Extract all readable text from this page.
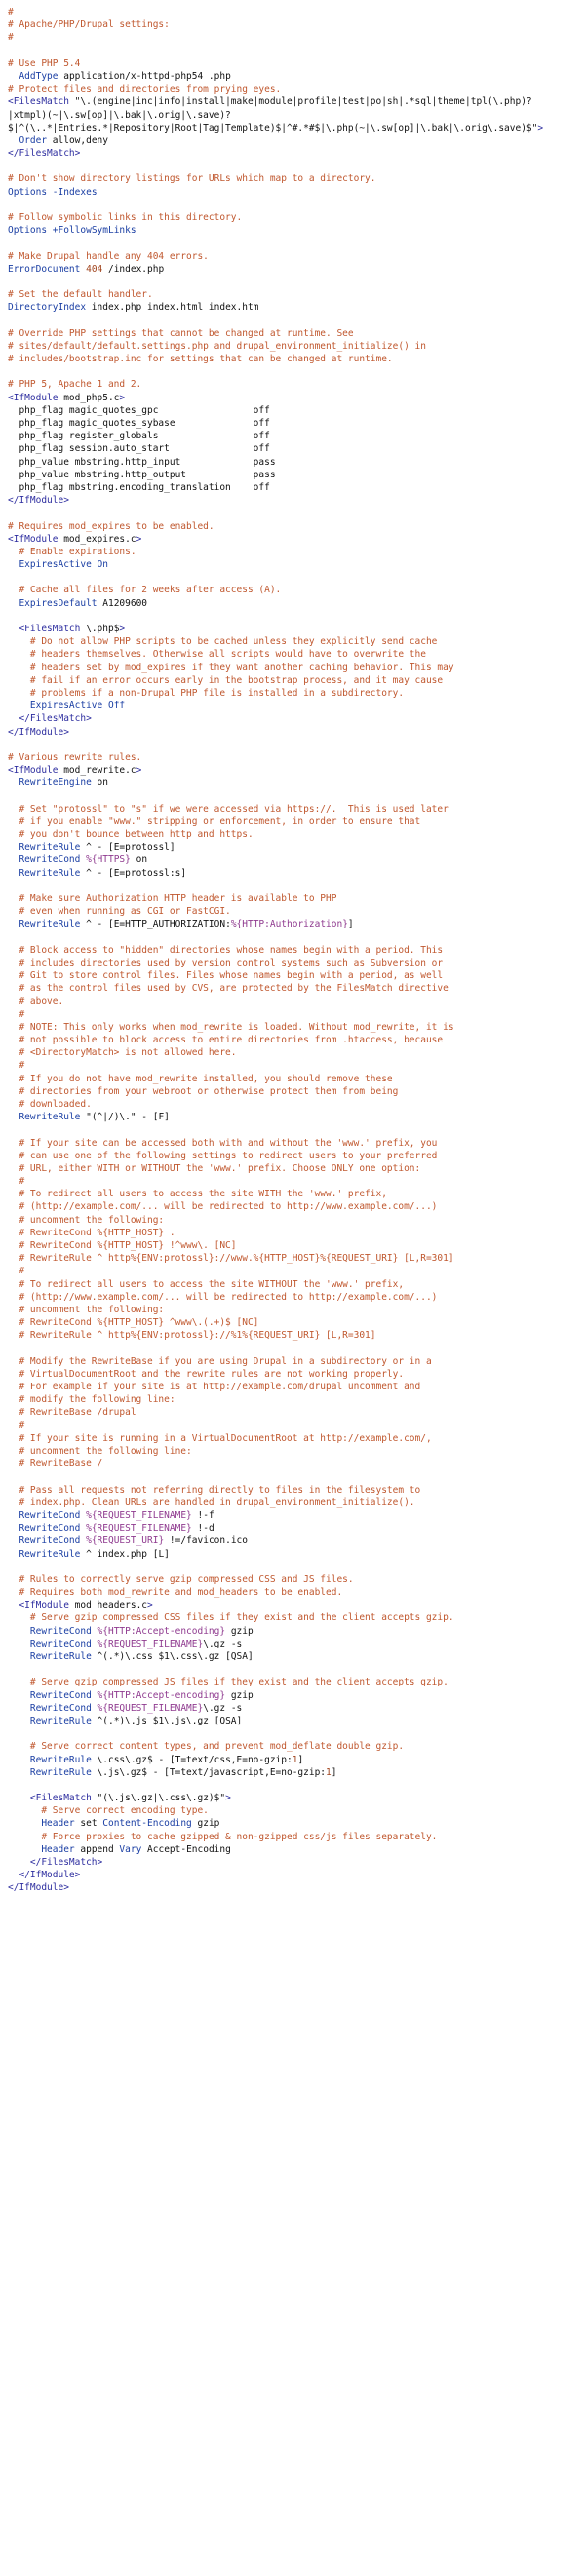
#
# Apache/PHP/Drupal settings:
#

# Use PHP 5.4
AddType application/x-httpd-php54 .php
# Protect files and directories from prying eyes.
<FilesMatch "\.(engine|inc|info|install|make|module|profile|test|po|sh|.*sql|theme|tpl(\.php)?
|xtmpl)(~|\.sw[op]|\.bak|\.orig|\.save)?
$|^(\..*|Entries.*|Repository|Root|Tag|Template)$|^#.*#$|\.php(~|\.sw[op]|\.bak|\.orig\.save)$">
Order allow,deny
</FilesMatch>

# Don't show directory listings for URLs which map to a directory.
Options -Indexes

# Follow symbolic links in this directory.
Options +FollowSymLinks

# Make Drupal handle any 404 errors.
ErrorDocument 404 /index.php

# Set the default handler.
DirectoryIndex index.php index.html index.htm

# Override PHP settings that cannot be changed at runtime. See
# sites/default/default.settings.php and drupal_environment_initialize() in
# includes/bootstrap.inc for settings that can be changed at runtime.

# PHP 5, Apache 1 and 2.
<IfModule mod_php5.c>
php_flag magic_quotes_gpc                 off
php_flag magic_quotes_sybase              off
php_flag register_globals                 off
php_flag session.auto_start               off
php_value mbstring.http_input             pass
php_value mbstring.http_output            pass
php_flag mbstring.encoding_translation    off
</IfModule>

# Requires mod_expires to be enabled.
<IfModule mod_expires.c>
# Enable expirations.
ExpiresActive On

# Cache all files for 2 weeks after access (A).
ExpiresDefault A1209600

<FilesMatch \.php$>
# Do not allow PHP scripts to be cached unless they explicitly send cache
# headers themselves. Otherwise all scripts would have to overwrite the
# headers set by mod_expires if they want another caching behavior. This may
# fail if an error occurs early in the bootstrap process, and it may cause
# problems if a non-Drupal PHP file is installed in a subdirectory.
ExpiresActive Off
</FilesMatch>
</IfModule>

# Various rewrite rules.
<IfModule mod_rewrite.c>
RewriteEngine on

# Set "protossl" to "s" if we were accessed via https://.  This is used later
# if you enable "www." stripping or enforcement, in order to ensure that
# you don't bounce between http and https.
RewriteRule ^ - [E=protossl]
RewriteCond %{HTTPS} on
RewriteRule ^ - [E=protossl:s]

# Make sure Authorization HTTP header is available to PHP
# even when running as CGI or FastCGI.
RewriteRule ^ - [E=HTTP_AUTHORIZATION:%{HTTP:Authorization}]

# Block access to "hidden" directories whose names begin with a period. This
# includes directories used by version control systems such as Subversion or
# Git to store control files. Files whose names begin with a period, as well
# as the control files used by CVS, are protected by the FilesMatch directive
# above.
#
# NOTE: This only works when mod_rewrite is loaded. Without mod_rewrite, it is
# not possible to block access to entire directories from .htaccess, because
# <DirectoryMatch> is not allowed here.
#
# If you do not have mod_rewrite installed, you should remove these
# directories from your webroot or otherwise protect them from being
# downloaded.
RewriteRule "(^|/)\." - [F]

# If your site can be accessed both with and without the 'www.' prefix, you
# can use one of the following settings to redirect users to your preferred
# URL, either WITH or WITHOUT the 'www.' prefix. Choose ONLY one option:
#
# To redirect all users to access the site WITH the 'www.' prefix,
# (http://example.com/... will be redirected to http://www.example.com/...)
# uncomment the following:
# RewriteCond %{HTTP_HOST} .
# RewriteCond %{HTTP_HOST} !^www\. [NC]
# RewriteRule ^ http%{ENV:protossl}://www.%{HTTP_HOST}%{REQUEST_URI} [L,R=301]
#
# To redirect all users to access the site WITHOUT the 'www.' prefix,
# (http://www.example.com/... will be redirected to http://example.com/...)
# uncomment the following:
# RewriteCond %{HTTP_HOST} ^www\.(.+)$ [NC]
# RewriteRule ^ http%{ENV:protossl}://%1%{REQUEST_URI} [L,R=301]

# Modify the RewriteBase if you are using Drupal in a subdirectory or in a
# VirtualDocumentRoot and the rewrite rules are not working properly.
# For example if your site is at http://example.com/drupal uncomment and
# modify the following line:
# RewriteBase /drupal
#
# If your site is running in a VirtualDocumentRoot at http://example.com/,
# uncomment the following line:
# RewriteBase /

# Pass all requests not referring directly to files in the filesystem to
# index.php. Clean URLs are handled in drupal_environment_initialize().
RewriteCond %{REQUEST_FILENAME} !-f
RewriteCond %{REQUEST_FILENAME} !-d
RewriteCond %{REQUEST_URI} !=/favicon.ico
RewriteRule ^ index.php [L]

# Rules to correctly serve gzip compressed CSS and JS files.
# Requires both mod_rewrite and mod_headers to be enabled.
<IfModule mod_headers.c>
# Serve gzip compressed CSS files if they exist and the client accepts gzip.
RewriteCond %{HTTP:Accept-encoding} gzip
RewriteCond %{REQUEST_FILENAME}\.gz -s
RewriteRule ^(.*)\.css $1\.css\.gz [QSA]

# Serve gzip compressed JS files if they exist and the client accepts gzip.
RewriteCond %{HTTP:Accept-encoding} gzip
RewriteCond %{REQUEST_FILENAME}\.gz -s
RewriteRule ^(.*)\.js $1\.js\.gz [QSA]

# Serve correct content types, and prevent mod_deflate double gzip.
RewriteRule \.css\.gz$ - [T=text/css,E=no-gzip:1]
RewriteRule \.js\.gz$ - [T=text/javascript,E=no-gzip:1]

<FilesMatch "(\.js\.gz|\.css\.gz)$">
# Serve correct encoding type.
Header set Content-Encoding gzip
# Force proxies to cache gzipped & non-gzipped css/js files separately.
Header append Vary Accept-Encoding
</FilesMatch>
</IfModule>
</IfModule>
